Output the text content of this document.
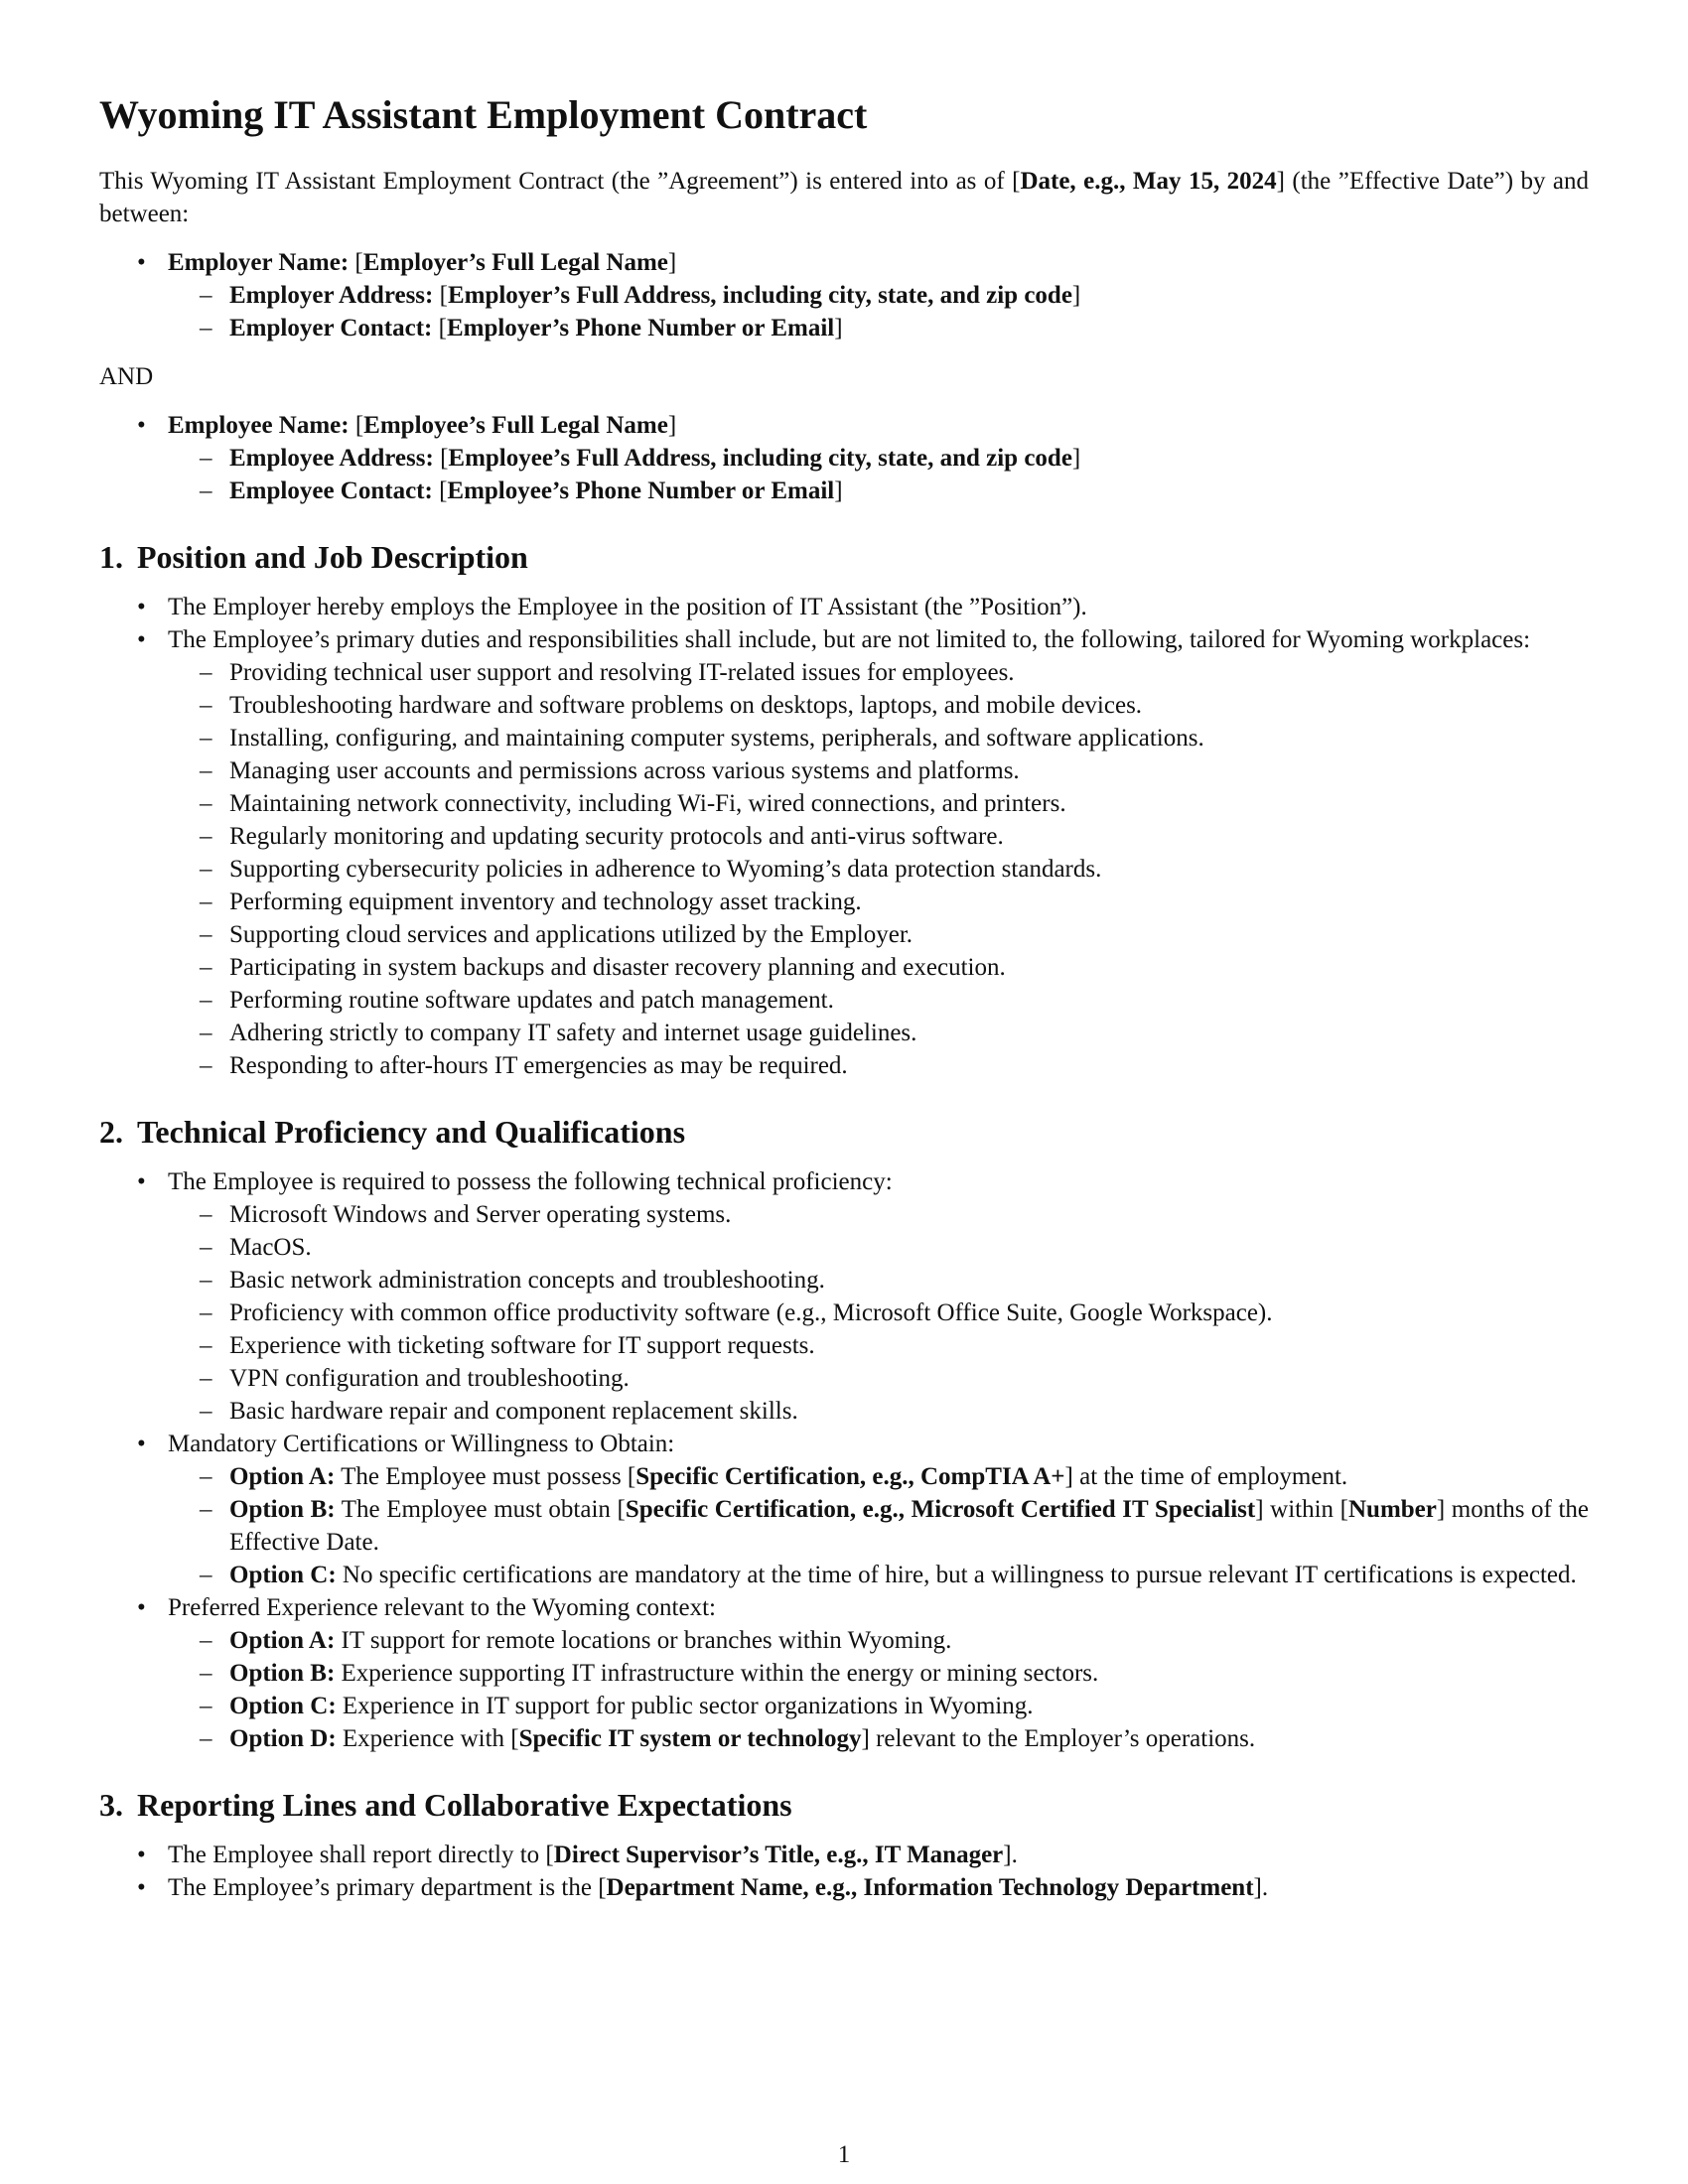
Wyoming IT Assistant Employment Contract

This Wyoming IT Assistant Employment Contract (the ”Agreement”) is entered into as of [Date, e.g., May 15, 2024] (the ”Effective Date”) by and between:

• Employer Name: [Employer’s Full Legal Name]
– Employer Address: [Employer’s Full Address, including city, state, and zip code]
– Employer Contact: [Employer’s Phone Number or Email]

AND

• Employee Name: [Employee’s Full Legal Name]
– Employee Address: [Employee’s Full Address, including city, state, and zip code]
– Employee Contact: [Employee’s Phone Number or Email]
1. Position and Job Description
• The Employer hereby employs the Employee in the position of IT Assistant (the ”Position”).
• The Employee’s primary duties and responsibilities shall include, but are not limited to, the following, tailored for Wyoming workplaces:
– Providing technical user support and resolving IT-related issues for employees.
– Troubleshooting hardware and software problems on desktops, laptops, and mobile devices.
– Installing, configuring, and maintaining computer systems, peripherals, and software applications.
– Managing user accounts and permissions across various systems and platforms.
– Maintaining network connectivity, including Wi-Fi, wired connections, and printers.
– Regularly monitoring and updating security protocols and anti-virus software.
– Supporting cybersecurity policies in adherence to Wyoming’s data protection standards.
– Performing equipment inventory and technology asset tracking.
– Supporting cloud services and applications utilized by the Employer.
– Participating in system backups and disaster recovery planning and execution.
– Performing routine software updates and patch management.
– Adhering strictly to company IT safety and internet usage guidelines.
– Responding to after-hours IT emergencies as may be required.
2. Technical Proficiency and Qualifications
• The Employee is required to possess the following technical proficiency:
– Microsoft Windows and Server operating systems.
– MacOS.
– Basic network administration concepts and troubleshooting.
– Proficiency with common office productivity software (e.g., Microsoft Office Suite, Google Workspace).
– Experience with ticketing software for IT support requests.
– VPN configuration and troubleshooting.
– Basic hardware repair and component replacement skills.
• Mandatory Certifications or Willingness to Obtain:
– Option A: The Employee must possess [Specific Certification, e.g., CompTIA A+] at the time of employment.
– Option B: The Employee must obtain [Specific Certification, e.g., Microsoft Certified IT Specialist] within [Number] months of the Effective Date.
– Option C: No specific certifications are mandatory at the time of hire, but a willingness to pursue relevant IT certifications is expected.
• Preferred Experience relevant to the Wyoming context:
– Option A: IT support for remote locations or branches within Wyoming.
– Option B: Experience supporting IT infrastructure within the energy or mining sectors.
– Option C: Experience in IT support for public sector organizations in Wyoming.
– Option D: Experience with [Specific IT system or technology] relevant to the Employer’s operations.
3. Reporting Lines and Collaborative Expectations
• The Employee shall report directly to [Direct Supervisor’s Title, e.g., IT Manager].
• The Employee’s primary department is the [Department Name, e.g., Information Technology Department].
1
